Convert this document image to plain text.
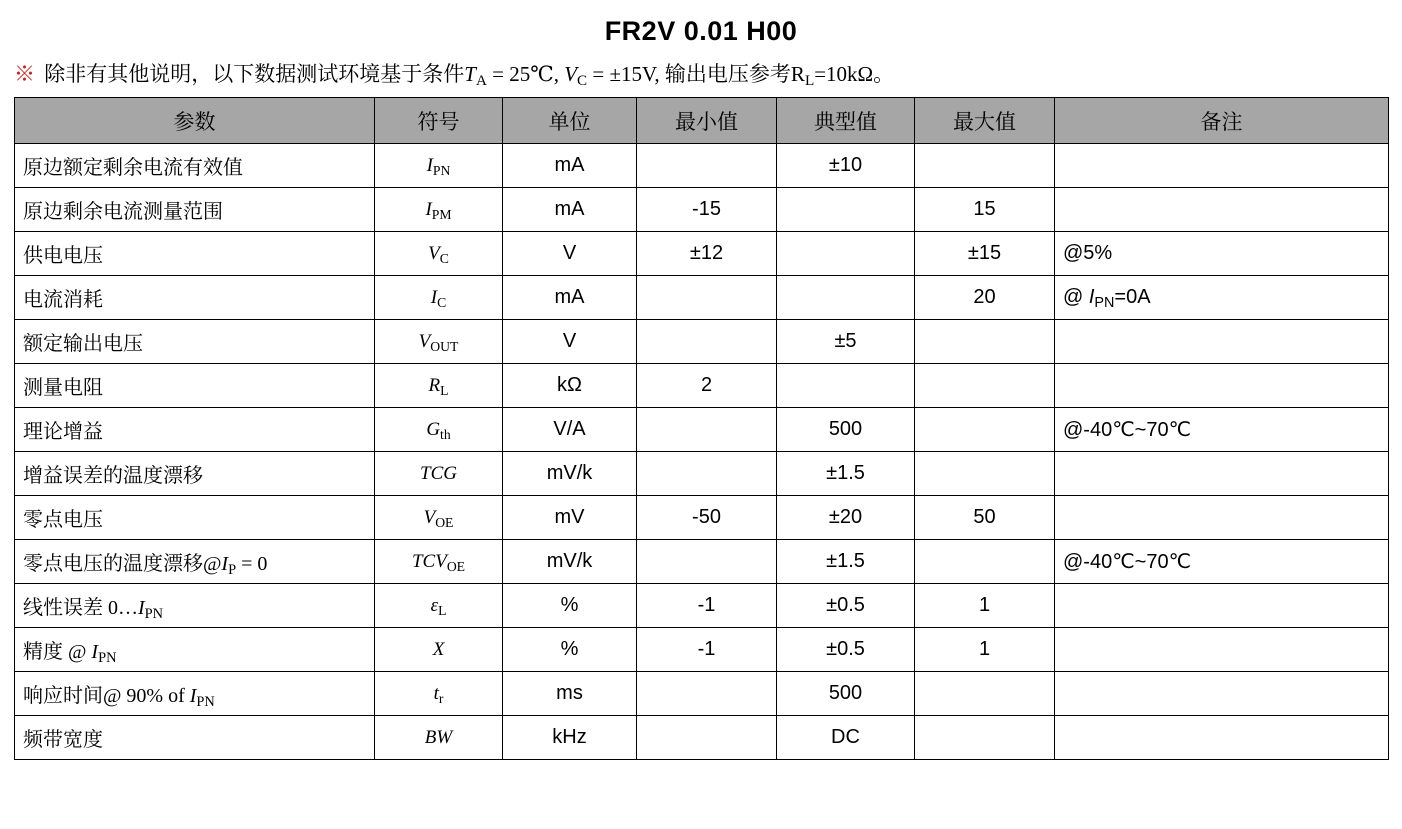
FR2V 0.01 H00
※ 除非有其他说明，以下数据测试环境基于条件$T_A$ = 25℃, $V_C = \pm 15V$, 输出电压参考$R_L=10k\Omega$。
参数	符号	单位	最小值	典型值	最大值	备注
原边额定剩余电流有效值	$I_{PN}$	mA		±10		
原边剩余电流测量范围	$I_{PM}$	mA	-15		15	
供电电压	$V_C$	V	±12		±15	@5%
电流消耗	$I_C$	mA			20	@ $I_{PN}=0A$
额定输出电压	$V_{OUT}$	V		±5		
测量电阻	$R_L$	kΩ	2			
理论增益	$G_{th}$	V/A		500		@-40℃~70℃
增益误差的温度漂移	TCG	mV/k		±1.5		
零点电压	$V_{OE}$	mV	-50	±20	50	
零点电压的温度漂移$@I_P = 0$	$TCV_{OE}$	mV/k		±1.5		@-40℃~70℃
线性误差 $0\dots I_{PN}$	$\varepsilon_L$	%	-1	±0.5	1	
精度 @ $I_{PN}$	X	%	-1	±0.5	1	
响应时间@ 90% of $I_{PN}$	$t_r$	ms		500		
频带宽度	BW	kHz		DC		
